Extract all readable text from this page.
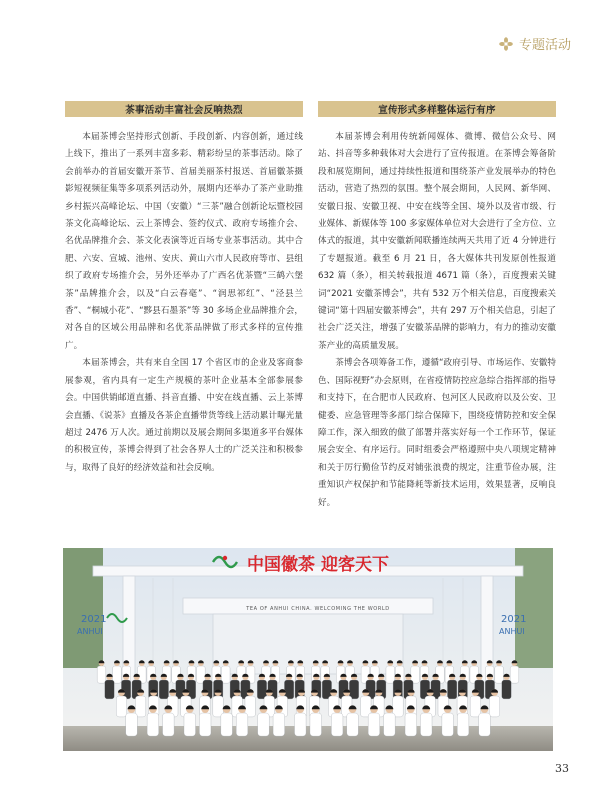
专题活动
茶事活动丰富社会反响热烈

本届茶博会坚持形式创新、手段创新、内容创新，通过线上线下，推出了一系列丰富多彩、精彩纷呈的茶事活动。除了会前举办的首届安徽开茶节、首届美丽茶村报送、首届徽茶摄影短视频征集等多项系列活动外，展期内还举办了茶产业助推乡村振兴高峰论坛、中国（安徽）“三茶”融合创新论坛暨校园茶文化高峰论坛、云上茶博会、签约仪式、政府专场推介会、名优品牌推介会、茶文化表演等近百场专业茶事活动。其中合肥、六安、宣城、池州、安庆、黄山六市人民政府等市、县组织了政府专场推介会，另外还举办了广西名优茶暨“三鹤六堡茶”品牌推介会，以及“白云春毫”、“润思祁红”、“泾县兰香”、“桐城小花”、“黟县石墨茶”等 30 多场企业品牌推介会，对各自的区域公用品牌和名优茶品牌做了形式多样的宣传推广。

本届茶博会，共有来自全国 17 个省区市的企业及客商参展参观，省内具有一定生产规模的茶叶企业基本全部参展参会。中国供销邮道直播、抖音直播、中安在线直播、云上茶博会直播、《说茶》直播及各茶企直播带货等线上活动累计曝光量超过 2476 万人次。通过前期以及展会期间多渠道多平台媒体的积极宣传，茶博会得到了社会各界人士的广泛关注和积极参与，取得了良好的经济效益和社会反响。

宣传形式多样整体运行有序

本届茶博会利用传统新闻媒体、微博、微信公众号、网站、抖音等多种载体对大会进行了宣传报道。在茶博会筹备阶段和展览期间，通过持续性报道和围绕茶产业发展举办的特色活动，营造了热烈的氛围。整个展会期间，人民网、新华网、安徽日报、安徽卫视、中安在线等全国、境外以及省市级、行业媒体、新媒体等 100 多家媒体单位对大会进行了全方位、立体式的报道，其中安徽新闻联播连续两天共用了近 4 分钟进行了专题报道。截至 6 月 21 日，各大媒体共刊发原创性报道 632 篇（条），相关转载报道 4671 篇（条），百度搜索关键词“2021 安徽茶博会”，共有 532 万个相关信息，百度搜索关键词“第十四届安徽茶博会”，共有 297 万个相关信息，引起了社会广泛关注，增强了安徽茶品牌的影响力，有力的推动安徽茶产业的高质量发展。

茶博会各项筹备工作，遵循“政府引导、市场运作、安徽特色、国际视野”办会原则，在省疫情防控应急综合指挥部的指导和支持下，在合肥市人民政府、包河区人民政府以及公安、卫健委、应急管理等多部门综合保障下，围绕疫情防控和安全保障工作，深入细致的做了部署并落实好每一个工作环节，保证展会安全、有序运行。同时组委会严格遵照中央八项规定精神和关于厉行勤俭节约反对铺张浪费的规定，注重节俭办展，注重知识产权保护和节能降耗等新技术运用，效果显著，反响良好。

中国徽茶 迎客天下
TEA OF ANHUI CHINA. WELCOMING THE WORLD
2021
ANHUI
2021
ANHUI
33
